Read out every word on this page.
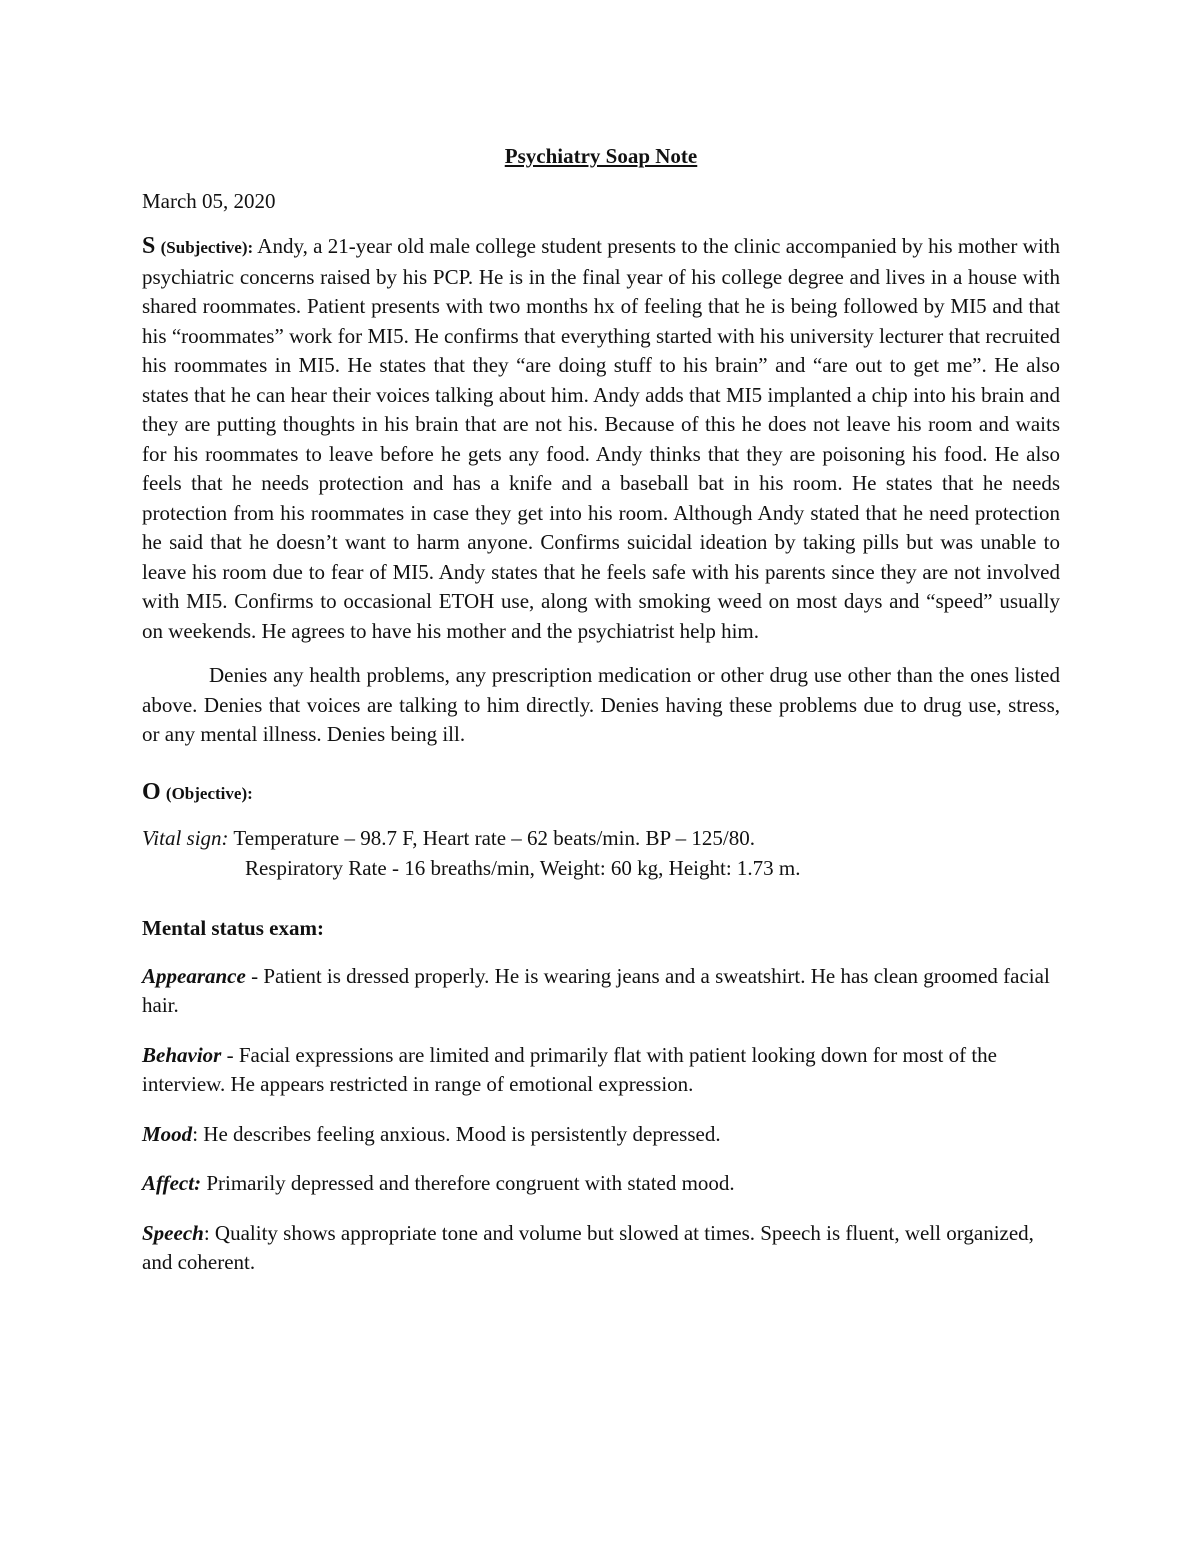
Psychiatry Soap Note

March 05, 2020

S (Subjective): Andy, a 21-year old male college student presents to the clinic accompanied by his mother with psychiatric concerns raised by his PCP. He is in the final year of his college degree and lives in a house with shared roommates. Patient presents with two months hx of feeling that he is being followed by MI5 and that his “roommates” work for MI5. He confirms that everything started with his university lecturer that recruited his roommates in MI5. He states that they “are doing stuff to his brain” and “are out to get me”. He also states that he can hear their voices talking about him. Andy adds that MI5 implanted a chip into his brain and they are putting thoughts in his brain that are not his. Because of this he does not leave his room and waits for his roommates to leave before he gets any food. Andy thinks that they are poisoning his food. He also feels that he needs protection and has a knife and a baseball bat in his room. He states that he needs protection from his roommates in case they get into his room. Although Andy stated that he need protection he said that he doesn’t want to harm anyone. Confirms suicidal ideation by taking pills but was unable to leave his room due to fear of MI5. Andy states that he feels safe with his parents since they are not involved with MI5. Confirms to occasional ETOH use, along with smoking weed on most days and “speed” usually on weekends. He agrees to have his mother and the psychiatrist help him.

Denies any health problems, any prescription medication or other drug use other than the ones listed above. Denies that voices are talking to him directly. Denies having these problems due to drug use, stress, or any mental illness. Denies being ill.

O (Objective):

Vital sign: Temperature – 98.7 F, Heart rate – 62 beats/min. BP – 125/80.

Respiratory Rate - 16 breaths/min, Weight: 60 kg, Height: 1.73 m.

Mental status exam:

Appearance - Patient is dressed properly. He is wearing jeans and a sweatshirt. He has clean groomed facial hair.

Behavior - Facial expressions are limited and primarily flat with patient looking down for most of the interview. He appears restricted in range of emotional expression.

Mood: He describes feeling anxious. Mood is persistently depressed.

Affect: Primarily depressed and therefore congruent with stated mood.

Speech: Quality shows appropriate tone and volume but slowed at times. Speech is fluent, well organized, and coherent.
